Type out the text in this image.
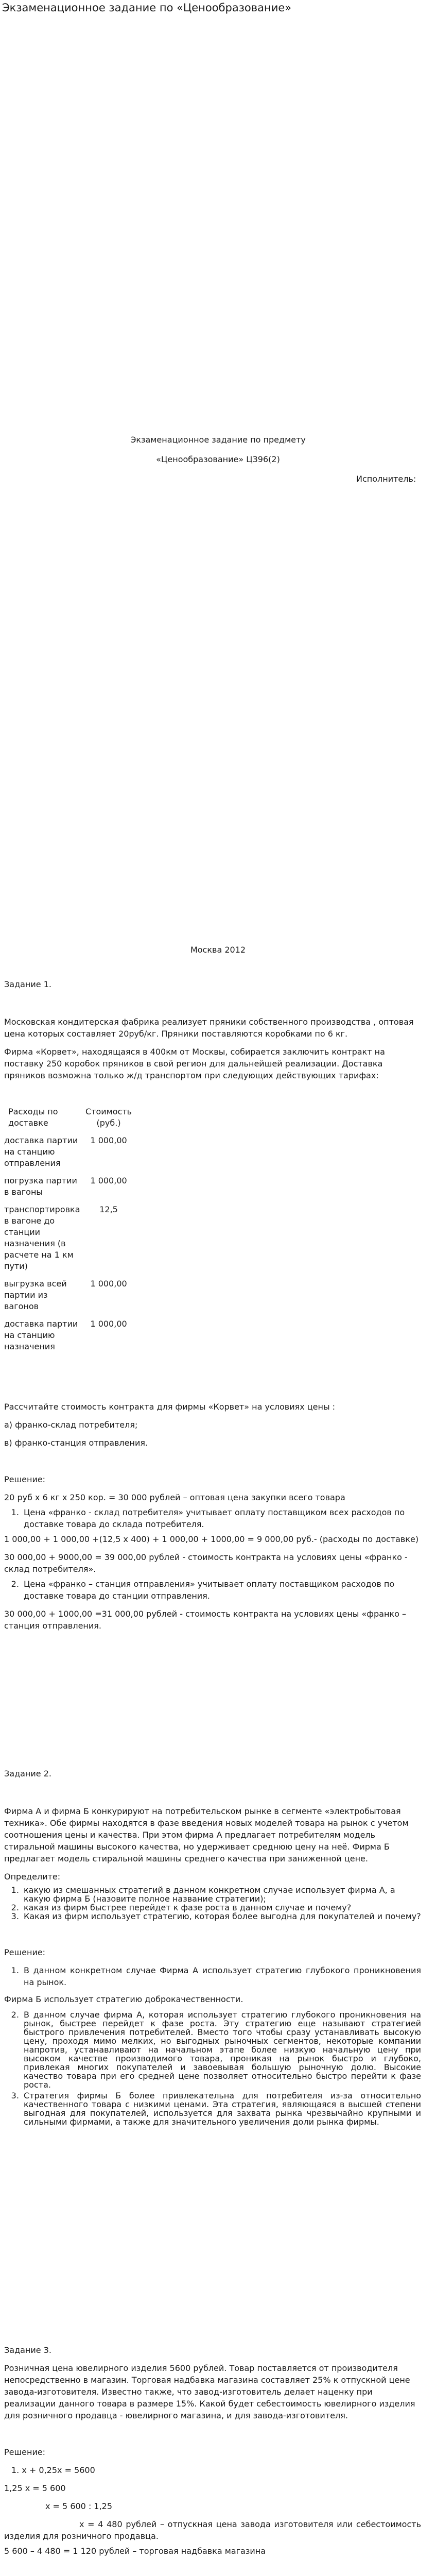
Экзаменационное задание по «Ценообразование»
Экзаменационное задание по предмету
«Ценообразование» Ц396(2)
Исполнитель:
Москва 2012

Задание 1.

Московская кондитерская фабрика реализует пряники собственного производства , оптовая цена которых составляет 20руб/кг. Пряники поставляются коробками по 6 кг.

Фирма «Корвет», находящаяся в 400км от Москвы, собирается заключить контракт на поставку 250 коробок пряников в свой регион для дальнейшей реализации. Доставка пряников возможна только ж/д транспортом при следующих действующих тарифах:

Расходы по доставке	Стоимость
(руб.)

доставка партии на станцию отправления	1 000,00

погрузка партии в вагоны	1 000,00

транспортировка в вагоне до станции назначения (в расчете на 1 км пути)	12,5

выгрузка всей партии из вагонов	1 000,00

доставка партии на станцию назначения	1 000,00

Рассчитайте стоимость контракта для фирмы «Корвет» на условиях цены :

а) франко-склад потребителя;

в) франко-станция отправления.

Решение:

20 руб х 6 кг х 250 кор. = 30 000 рублей – оптовая цена закупки всего товара

1. Цена «франко - склад потребителя» учитывает оплату поставщиком всех расходов по доставке товара до склада потребителя.

1 000,00 + 1 000,00 +(12,5 х 400) + 1 000,00 + 1000,00 = 9 000,00 руб.- (расходы по доставке)

30 000,00 + 9000,00 = 39 000,00 рублей - стоимость контракта на условиях цены «франко - склад потребителя».

2. Цена «франко – станция отправления» учитывает оплату поставщиком расходов по доставке товара до станции отправления.

30 000,00 + 1000,00 =31 000,00 рублей - стоимость контракта на условиях цены «франко – станция отправления.

Задание 2.

Фирма А и фирма Б конкурируют на потребительском рынке в сегменте «электробытовая техника». Обе фирмы находятся в фазе введения новых моделей товара на рынок с учетом соотношения цены и качества. При этом фирма А предлагает потребителям модель стиральной машины высокого качества, но удерживает среднюю цену на неё. Фирма Б предлагает модель стиральной машины среднего качества при заниженной цене.

Определите:

1. какую из смешанных стратегий в данном конкретном случае использует фирма А, а какую фирма Б (назовите полное название стратегии);
2. какая из фирм быстрее перейдет к фазе роста в данном случае и почему?
3. Какая из фирм использует стратегию, которая более выгодна для покупателей и почему?

Решение:

1. В данном конкретном случае Фирма А использует стратегию глубокого проникновения на рынок.

Фирма Б использует стратегию доброкачественности.

2. В данном случае фирма А, которая использует стратегию глубокого проникновения на рынок, быстрее перейдет к фазе роста. Эту стратегию еще называют стратегией быстрого привлечения потребителей. Вместо того чтобы сразу устанавливать высокую цену, проходя мимо мелких, но выгодных рыночных сегментов, некоторые компании напротив, устанавливают на начальном этапе более низкую начальную цену при высоком качестве производимого товара, проникая на рынок быстро и глубоко, привлекая многих покупателей и завоевывая большую рыночную долю. Высокие качество товара при его средней цене позволяет относительно быстро перейти к фазе роста.
3. Стратегия фирмы Б более привлекательна для потребителя из-за относительно качественного товара с низкими ценами. Эта стратегия, являющаяся в высшей степени выгодная для покупателей, используется для захвата рынка чрезвычайно крупными и сильными фирмами, а также для значительного увеличения доли рынка фирмы.

Задание 3.

Розничная цена ювелирного изделия 5600 рублей. Товар поставляется от производителя непосредственно в магазин. Торговая надбавка магазина составляет 25% к отпускной цене завода-изготовителя. Известно также, что завод-изготовитель делает наценку при реализации данного товара в размере 15%. Какой будет себестоимость ювелирного изделия для розничного продавца - ювелирного магазина, и для завода-изготовителя.

Решение:

1. х + 0,25х = 5600

1,25 х = 5 600

х = 5 600 : 1,25

х = 4 480 рублей – отпускная цена завода изготовителя или себестоимость изделия для розничного продавца.

5 600 – 4 480 = 1 120 рублей – торговая надбавка магазина
